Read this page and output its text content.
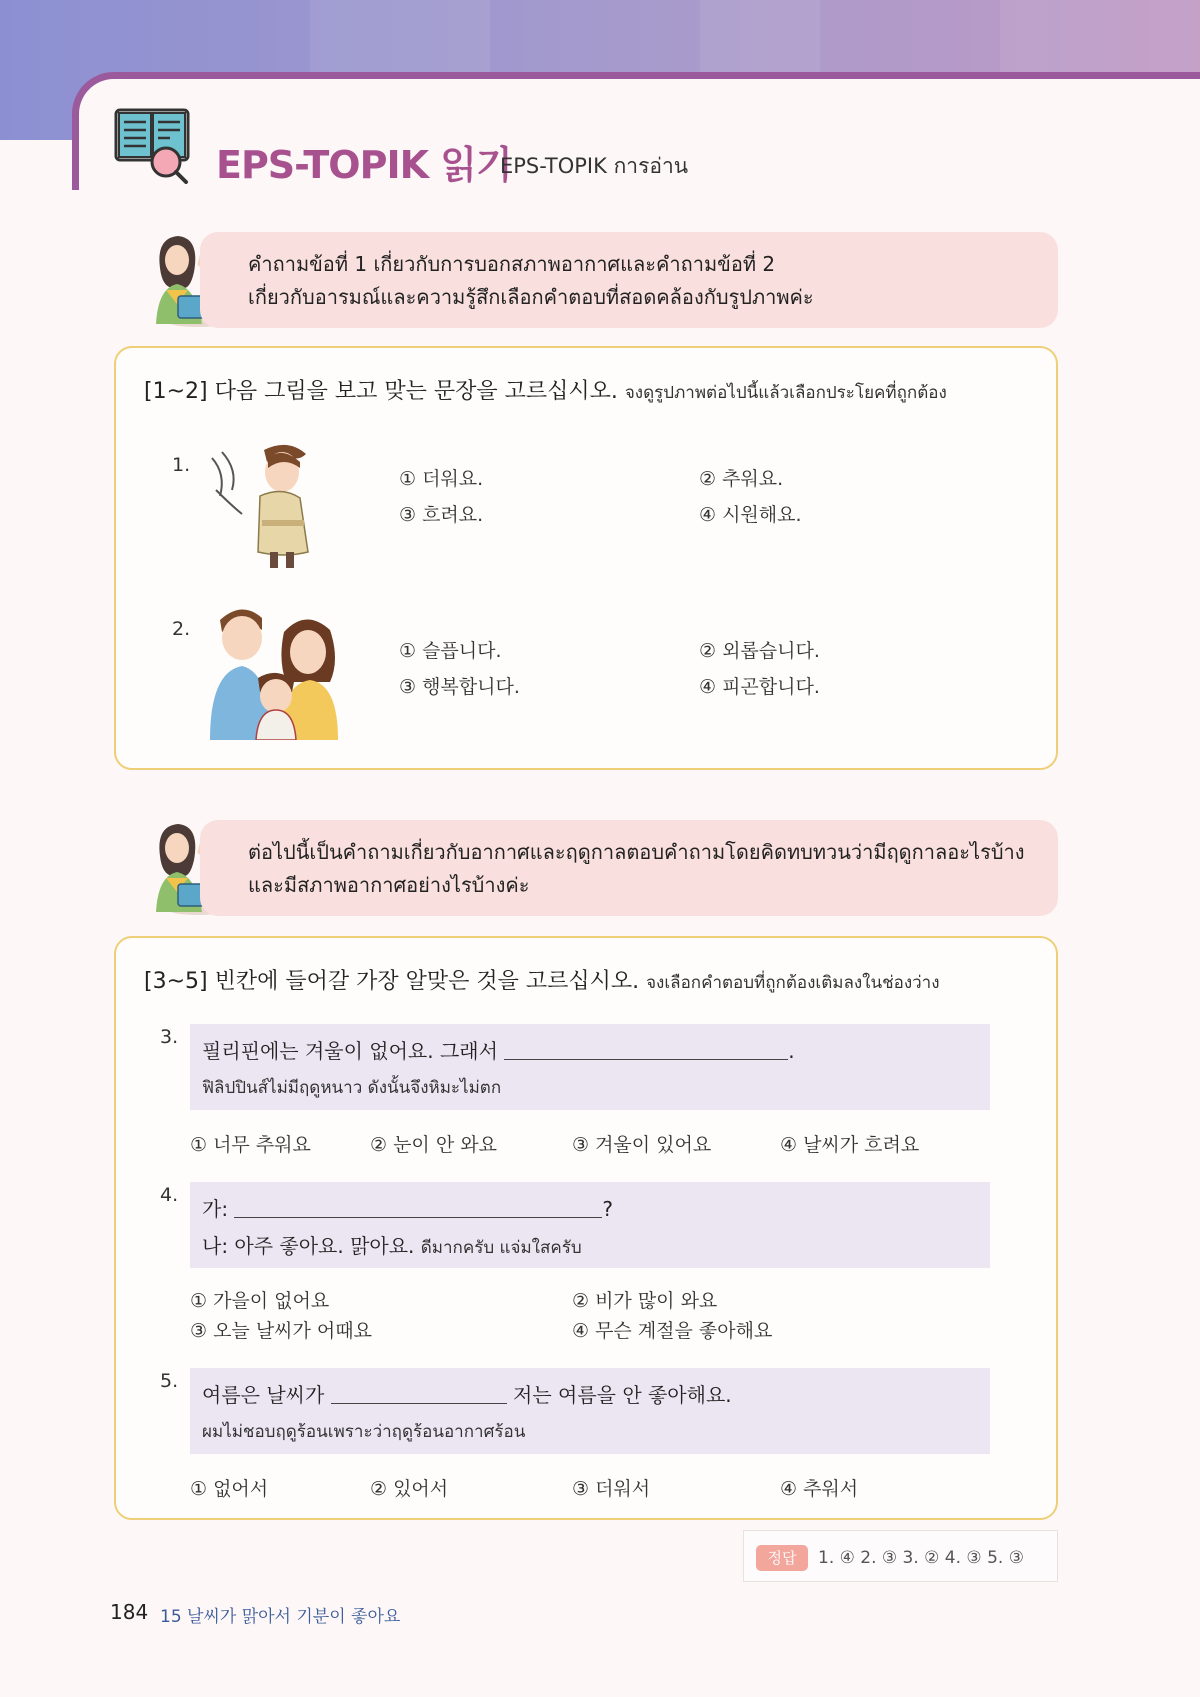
EPS-TOPIK 읽기
EPS-TOPIK การอ่าน
คำถามข้อที่ 1 เกี่ยวกับการบอกสภาพอากาศและคำถามข้อที่ 2
เกี่ยวกับอารมณ์และความรู้สึกเลือกคำตอบที่สอดคล้องกับรูปภาพค่ะ
[1~2] 다음 그림을 보고 맞는 문장을 고르십시오. จงดูรูปภาพต่อไปนี้แล้วเลือกประโยคที่ถูกต้อง
1.
① 더워요.	② 추워요.
③ 흐려요.	④ 시원해요.
2.
① 슬픕니다.	② 외롭습니다.
③ 행복합니다.	④ 피곤합니다.
ต่อไปนี้เป็นคำถามเกี่ยวกับอากาศและฤดูกาลตอบคำถามโดยคิดทบทวนว่ามีฤดูกาลอะไรบ้าง
และมีสภาพอากาศอย่างไรบ้างค่ะ
[3~5] 빈칸에 들어갈 가장 알맞은 것을 고르십시오. จงเลือกคำตอบที่ถูกต้องเติมลงในช่องว่าง
3.
필리핀에는 겨울이 없어요. 그래서	.
ฟิลิปปินส์ไม่มีฤดูหนาว ดังนั้นจึงหิมะไม่ตก
① 너무 추워요	② 눈이 안 와요	③ 겨울이 있어요	④ 날씨가 흐려요
4.
가:	?
나: 아주 좋아요. 맑아요. ดีมากครับ แจ่มใสครับ
① 가을이 없어요	② 비가 많이 와요
③ 오늘 날씨가 어때요	④ 무슨 계절을 좋아해요
5.
여름은 날씨가	저는 여름을 안 좋아해요.
ผมไม่ชอบฤดูร้อนเพราะว่าฤดูร้อนอากาศร้อน
① 없어서	② 있어서	③ 더워서	④ 추워서
정답	1. ④ 2. ③ 3. ② 4. ③ 5. ③
184 15 날씨가 맑아서 기분이 좋아요
